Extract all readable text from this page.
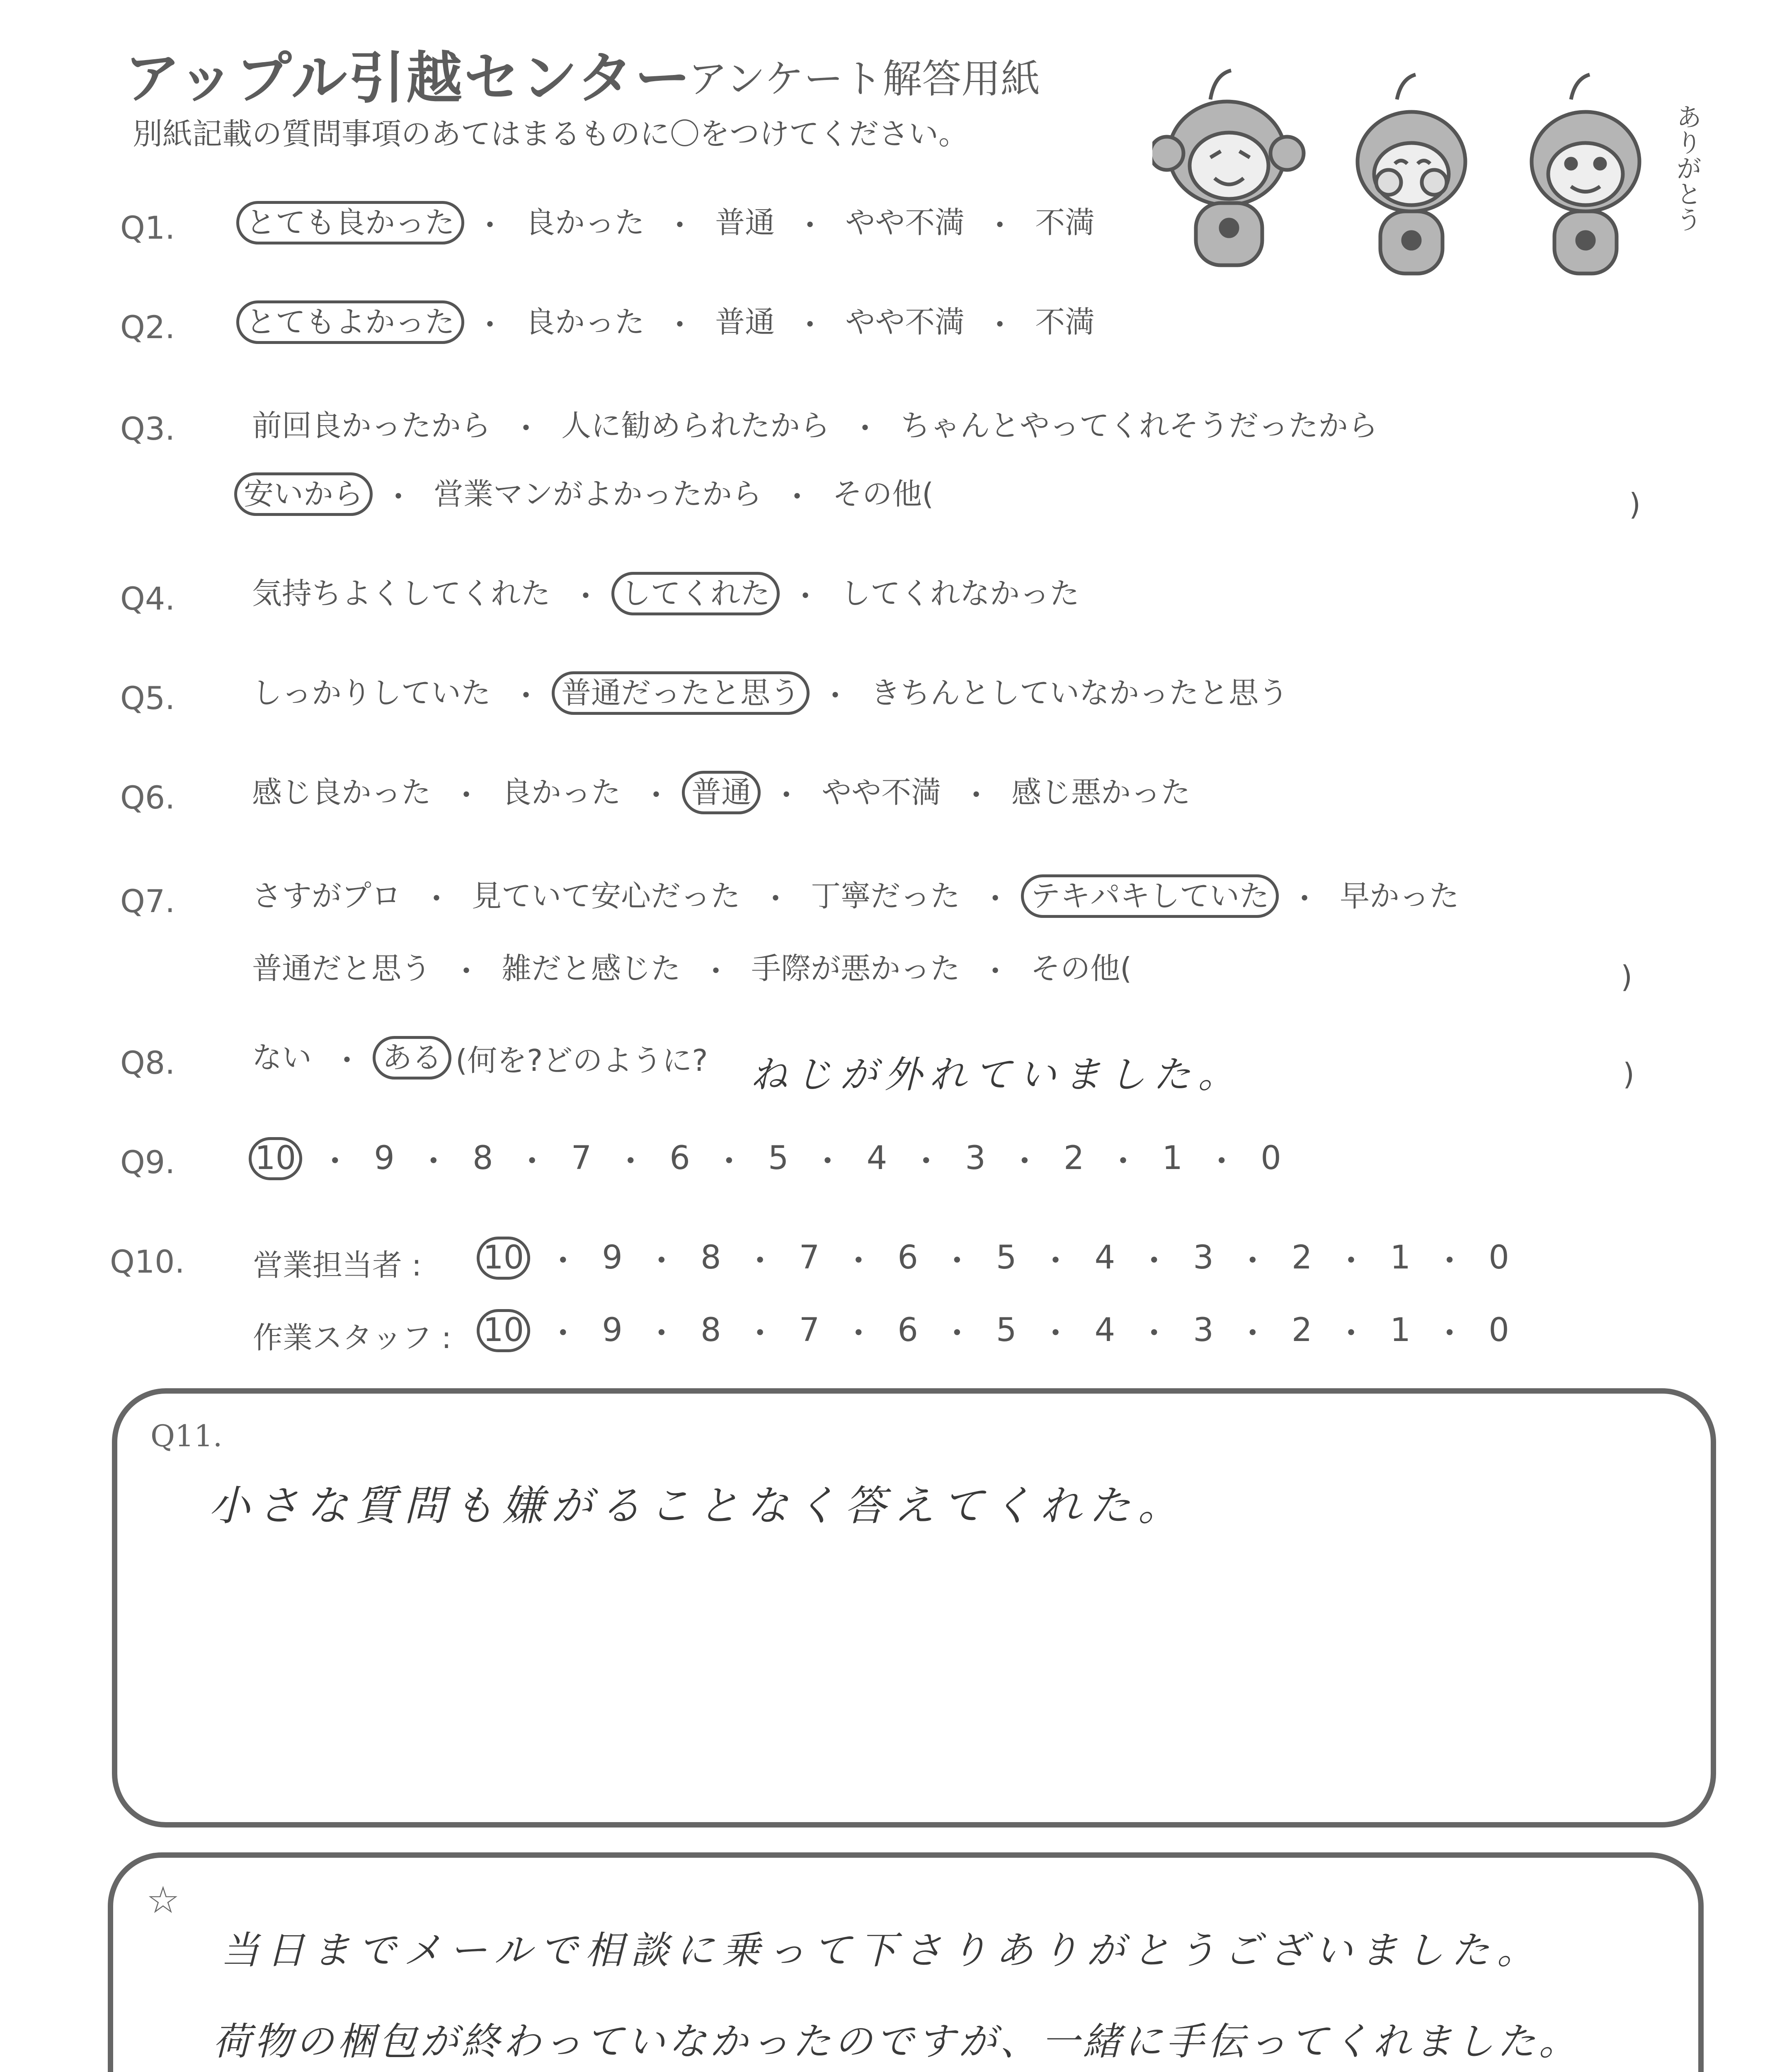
アップル引越センター
アンケート解答用紙
別紙記載の質問事項のあてはまるものに〇をつけてください。	ありがとう
Q1.	とても良かった ・ 良かった ・ 普通 ・ やや不満 ・ 不満
Q2.	とてもよかった ・ 良かった ・ 普通 ・ やや不満 ・ 不満
Q3.	前回良かったから ・ 人に勧められたから ・ ちゃんとやってくれそうだったから
安いから ・ 営業マンがよかったから ・ その他(	)
Q4.	気持ちよくしてくれた ・ してくれた ・ してくれなかった
Q5.	しっかりしていた ・ 普通だったと思う ・ きちんとしていなかったと思う
Q6.	感じ良かった ・ 良かった ・ 普通 ・ やや不満 ・ 感じ悪かった
Q7.	さすがプロ ・ 見ていて安心だった ・ 丁寧だった ・ テキパキしていた ・ 早かった
普通だと思う ・ 雑だと感じた ・ 手際が悪かった ・ その他(	)
Q8.	ない ・ ある (何を?どのように? ねじが外れていました。	)
Q9. 10 ・ 9 ・ 8 ・ 7 ・ 6 ・ 5 ・ 4 ・ 3 ・ 2 ・ 1 ・ 0
Q10. 営業担当者 : 10 ・ 9 ・ 8 ・ 7 ・ 6 ・ 5 ・ 4 ・ 3 ・ 2 ・ 1 ・ 0
作業スタッフ : 10 ・ 9 ・ 8 ・ 7 ・ 6 ・ 5 ・ 4 ・ 3 ・ 2 ・ 1 ・ 0
Q11.
小さな質問も嫌がることなく答えてくれた。
☆
当日までメールで相談に乗って下さりありがとうございました。
荷物の梱包が終わっていなかったのですが、一緒に手伝ってくれました。
